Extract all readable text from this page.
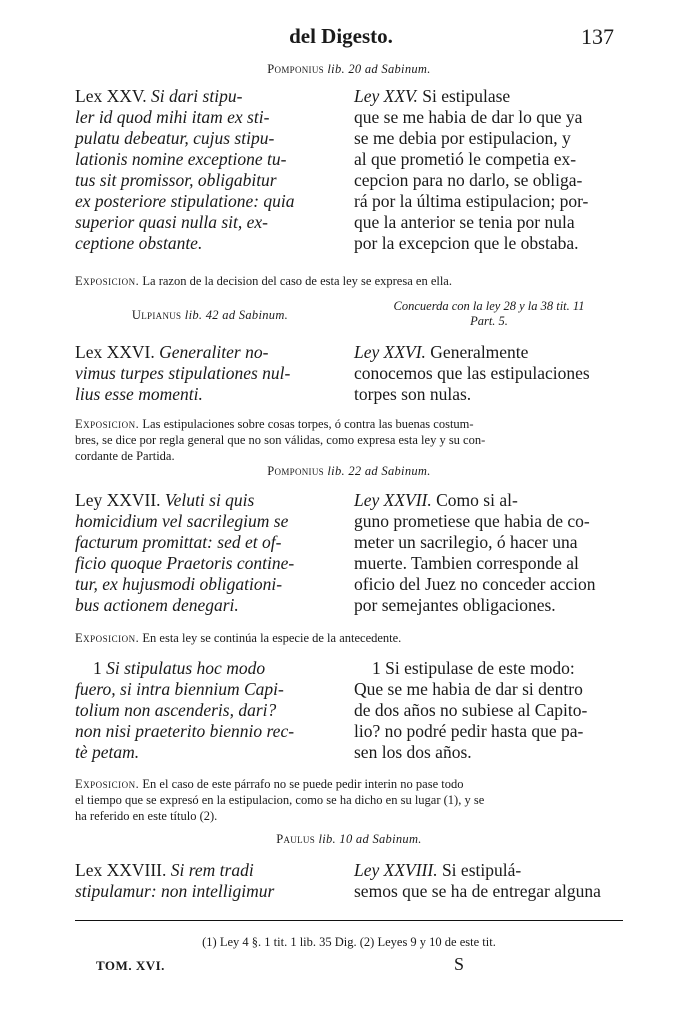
del Digesto.	137
Pomponius lib. 20 ad Sabinum.
Lex XXV. Si dari stipu-
ler id quod mihi itam ex sti-
pulatu debeatur, cujus stipu-
lationis nomine exceptione tu-
tus sit promissor, obligabitur
ex posteriore stipulatione: quia
superior quasi nulla sit, ex-
ceptione obstante.
Ley XXV. Si estipulase
que se me habia de dar lo que ya
se me debia por estipulacion, y
al que prometió le competia ex-
cepcion para no darlo, se obliga-
rá por la última estipulacion; por-
que la anterior se tenia por nula
por la excepcion que le obstaba.
Exposicion. La razon de la decision del caso de esta ley se expresa en ella.
Ulpianus lib. 42 ad Sabinum.
Concuerda con la ley 28 y la 38 tit. 11
Part. 5.
Lex XXVI. Generaliter no-
vimus turpes stipulationes nul-
lius esse momenti.
Ley XXVI. Generalmente
conocemos que las estipulaciones
torpes son nulas.
Exposicion. Las estipulaciones sobre cosas torpes, ó contra las buenas costum-
bres, se dice por regla general que no son válidas, como expresa esta ley y su con-
cordante de Partida.
Pomponius lib. 22 ad Sabinum.
Ley XXVII. Veluti si quis
homicidium vel sacrilegium se
facturum promittat: sed et of-
ficio quoque Praetoris contine-
tur, ex hujusmodi obligationi-
bus actionem denegari.
Ley XXVII. Como si al-
guno prometiese que habia de co-
meter un sacrilegio, ó hacer una
muerte. Tambien corresponde al
oficio del Juez no conceder accion
por semejantes obligaciones.
Exposicion. En esta ley se continúa la especie de la antecedente.
1 Si stipulatus hoc modo
fuero, si intra biennium Capi-
tolium non ascenderis, dari?
non nisi praeterito biennio rec-
tè petam.
1 Si estipulase de este modo:
Que se me habia de dar si dentro
de dos años no subiese al Capito-
lio? no podré pedir hasta que pa-
sen los dos años.
Exposicion. En el caso de este párrafo no se puede pedir interin no pase todo
el tiempo que se expresó en la estipulacion, como se ha dicho en su lugar (1), y se
ha referido en este título (2).
Paulus lib. 10 ad Sabinum.
Lex XXVIII. Si rem tradi
stipulamur: non intelligimur
Ley XXVIII. Si estipulá-
semos que se ha de entregar alguna
(1) Ley 4 §. 1 tit. 1 lib. 35 Dig. (2) Leyes 9 y 10 de este tit.
TOM. XVI.	S
